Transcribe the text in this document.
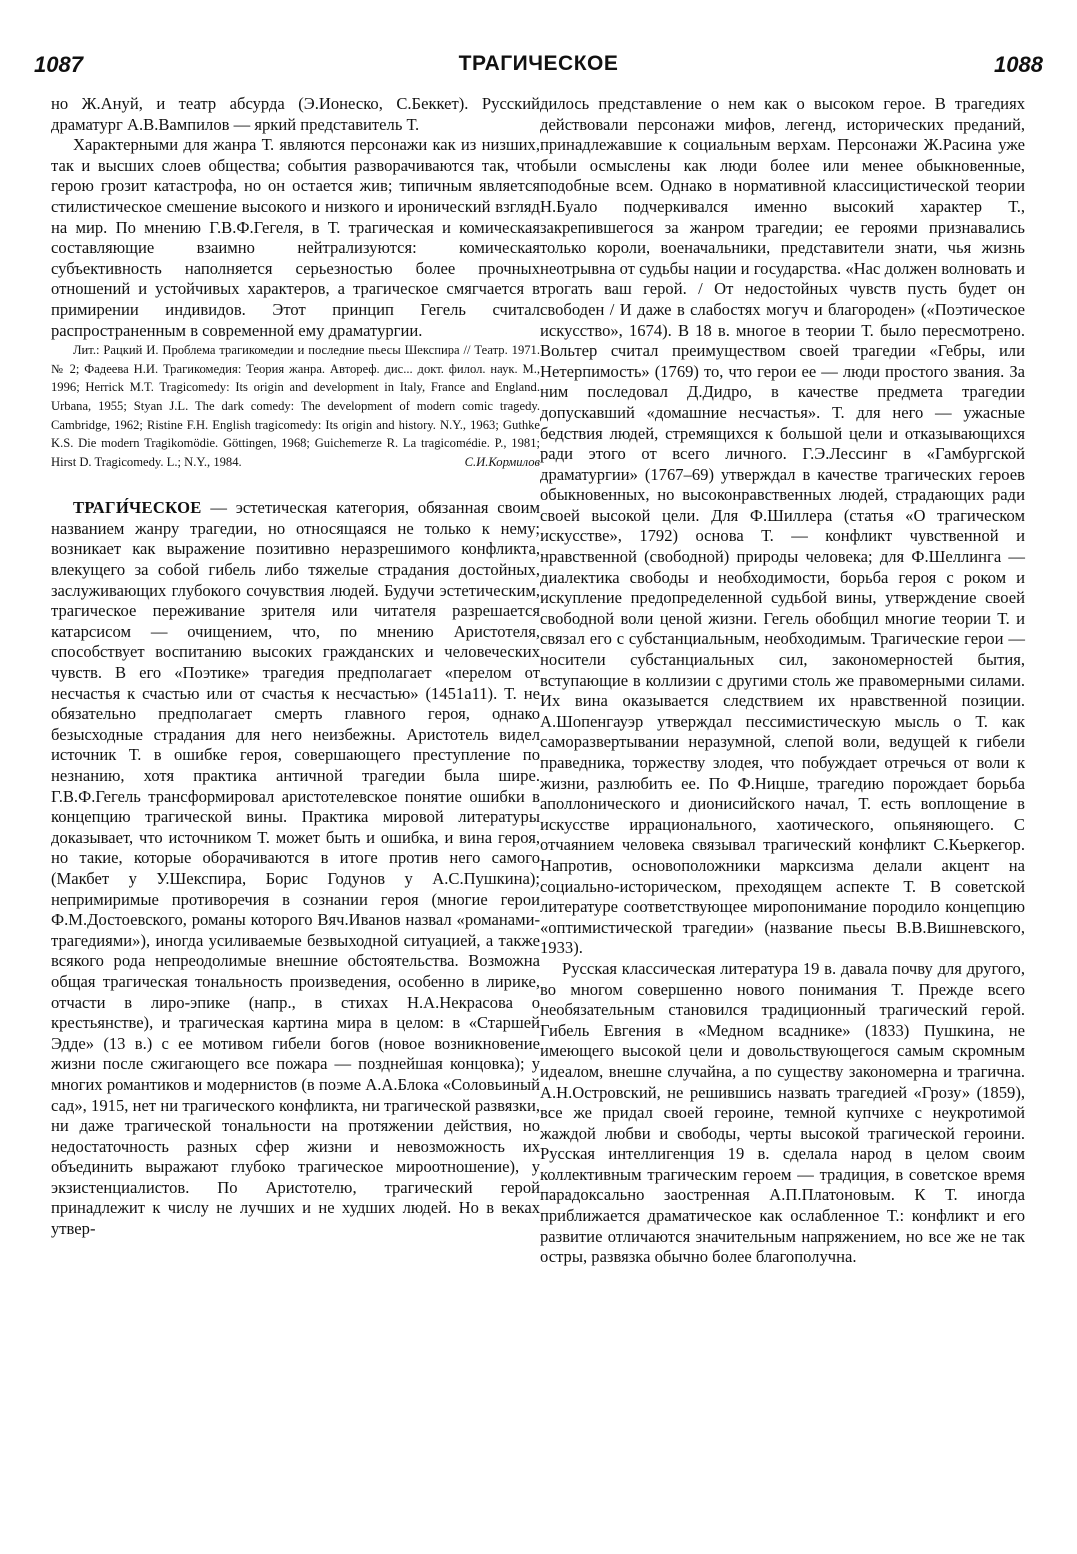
1087	ТРАГИЧЕСКОЕ	1088

но Ж.Ануй, и театр абсурда (Э.Ионеско, С.Беккет). Русский драматург А.В.Вампилов — яркий представитель Т.

Характерными для жанра Т. являются персонажи как из низших, так и высших слоев общества; события разворачиваются так, что герою грозит катастрофа, но он остается жив; типичным является стилистическое смешение высокого и низкого и иронический взгляд на мир. По мнению Г.В.Ф.Гегеля, в Т. трагическая и комическая составляющие взаимно нейтрализуются: комическая субъективность наполняется серьезностью более прочных отношений и устойчивых характеров, а трагическое смягчается в примирении индивидов. Этот принцип Гегель считал распространенным в современной ему драматургии.

Лит.: Рацкий И. Проблема трагикомедии и последние пьесы Шекспира // Театр. 1971. № 2; Фадеева Н.И. Трагикомедия: Теория жанра. Автореф. дис... докт. филол. наук. М., 1996; Herrick M.T. Tragicomedy: Its origin and development in Italy, France and England. Urbana, 1955; Styan J.L. The dark comedy: The development of modern comic tragedy. Cambridge, 1962; Ristine F.H. English tragicomedy: Its origin and history. N.Y., 1963; Guthke K.S. Die modern Tragikomödie. Göttingen, 1968; Guichemerze R. La tragicomédie. P., 1981; Hirst D. Tragicomedy. L.; N.Y., 1984.	С.И.Кормилов

ТРАГИ́ЧЕСКОЕ — эстетическая категория, обязанная своим названием жанру трагедии, но относящаяся не только к нему; возникает как выражение позитивно неразрешимого конфликта, влекущего за собой гибель либо тяжелые страдания достойных, заслуживающих глубокого сочувствия людей. Будучи эстетическим, трагическое переживание зрителя или читателя разрешается катарсисом — очищением, что, по мнению Аристотеля, способствует воспитанию высоких гражданских и человеческих чувств. В его «Поэтике» трагедия предполагает «перелом от несчастья к счастью или от счастья к несчастью» (1451а11). Т. не обязательно предполагает смерть главного героя, однако безысходные страдания для него неизбежны. Аристотель видел источник Т. в ошибке героя, совершающего преступление по незнанию, хотя практика античной трагедии была шире. Г.В.Ф.Гегель трансформировал аристотелевское понятие ошибки в концепцию трагической вины. Практика мировой литературы доказывает, что источником Т. может быть и ошибка, и вина героя, но такие, которые оборачиваются в итоге против него самого (Макбет у У.Шекспира, Борис Годунов у А.С.Пушкина); непримиримые противоречия в сознании героя (многие герои Ф.М.Достоевского, романы которого Вяч.Иванов назвал «романами-трагедиями»), иногда усиливаемые безвыходной ситуацией, а также всякого рода непреодолимые внешние обстоятельства. Возможна общая трагическая тональность произведения, особенно в лирике, отчасти в лиро-эпике (напр., в стихах Н.А.Некрасова о крестьянстве), и трагическая картина мира в целом: в «Старшей Эдде» (13 в.) с ее мотивом гибели богов (новое возникновение жизни после сжигающего все пожара — позднейшая концовка); у многих романтиков и модернистов (в поэме А.А.Блока «Соловьиный сад», 1915, нет ни трагического конфликта, ни трагической развязки, ни даже трагической тональности на протяжении действия, но недостаточность разных сфер жизни и невозможность их объединить выражают глубоко трагическое мироотношение), у экзистенциалистов. По Аристотелю, трагический герой принадлежит к числу не лучших и не худших людей. Но в веках утвер-

дилось представление о нем как о высоком герое. В трагедиях действовали персонажи мифов, легенд, исторических преданий, принадлежавшие к социальным верхам. Персонажи Ж.Расина уже были осмыслены как люди более или менее обыкновенные, подобные всем. Однако в нормативной классицистической теории Н.Буало подчеркивался именно высокий характер Т., закрепившегося за жанром трагедии; ее героями признавались только короли, военачальники, представители знати, чья жизнь неотрывна от судьбы нации и государства. «Нас должен волновать и трогать ваш герой. / От недостойных чувств пусть будет он свободен / И даже в слабостях могуч и благороден» («Поэтическое искусство», 1674). В 18 в. многое в теории Т. было пересмотрено. Вольтер считал преимуществом своей трагедии «Гебры, или Нетерпимость» (1769) то, что герои ее — люди простого звания. За ним последовал Д.Дидро, в качестве предмета трагедии допускавший «домашние несчастья». Т. для него — ужасные бедствия людей, стремящихся к большой цели и отказывающихся ради этого от всего личного. Г.Э.Лессинг в «Гамбургской драматургии» (1767–69) утверждал в качестве трагических героев обыкновенных, но высоконравственных людей, страдающих ради своей высокой цели. Для Ф.Шиллера (статья «О трагическом искусстве», 1792) основа Т. — конфликт чувственной и нравственной (свободной) природы человека; для Ф.Шеллинга — диалектика свободы и необходимости, борьба героя с роком и искупление предопределенной судьбой вины, утверждение своей свободной воли ценой жизни. Гегель обобщил многие теории Т. и связал его с субстанциальным, необходимым. Трагические герои — носители субстанциальных сил, закономерностей бытия, вступающие в коллизии с другими столь же правомерными силами. Их вина оказывается следствием их нравственной позиции. А.Шопенгауэр утверждал пессимистическую мысль о Т. как саморазвертывании неразумной, слепой воли, ведущей к гибели праведника, торжеству злодея, что побуждает отречься от воли к жизни, разлюбить ее. По Ф.Ницше, трагедию порождает борьба аполлонического и дионисийского начал, Т. есть воплощение в искусстве иррационального, хаотического, опьяняющего. С отчаянием человека связывал трагический конфликт С.Кьеркегор. Напротив, основоположники марксизма делали акцент на социально-историческом, преходящем аспекте Т. В советской литературе соответствующее миропонимание породило концепцию «оптимистической трагедии» (название пьесы В.В.Вишневского, 1933).

Русская классическая литература 19 в. давала почву для другого, во многом совершенно нового понимания Т. Прежде всего необязательным становился традиционный трагический герой. Гибель Евгения в «Медном всаднике» (1833) Пушкина, не имеющего высокой цели и довольствующегося самым скромным идеалом, внешне случайна, а по существу закономерна и трагична. А.Н.Островский, не решившись назвать трагедией «Грозу» (1859), все же придал своей героине, темной купчихе с неукротимой жаждой любви и свободы, черты высокой трагической героини. Русская интеллигенция 19 в. сделала народ в целом своим коллективным трагическим героем — традиция, в советское время парадоксально заостренная А.П.Платоновым. К Т. иногда приближается драматическое как ослабленное Т.: конфликт и его развитие отличаются значительным напряжением, но все же не так остры, развязка обычно более благополучна.
